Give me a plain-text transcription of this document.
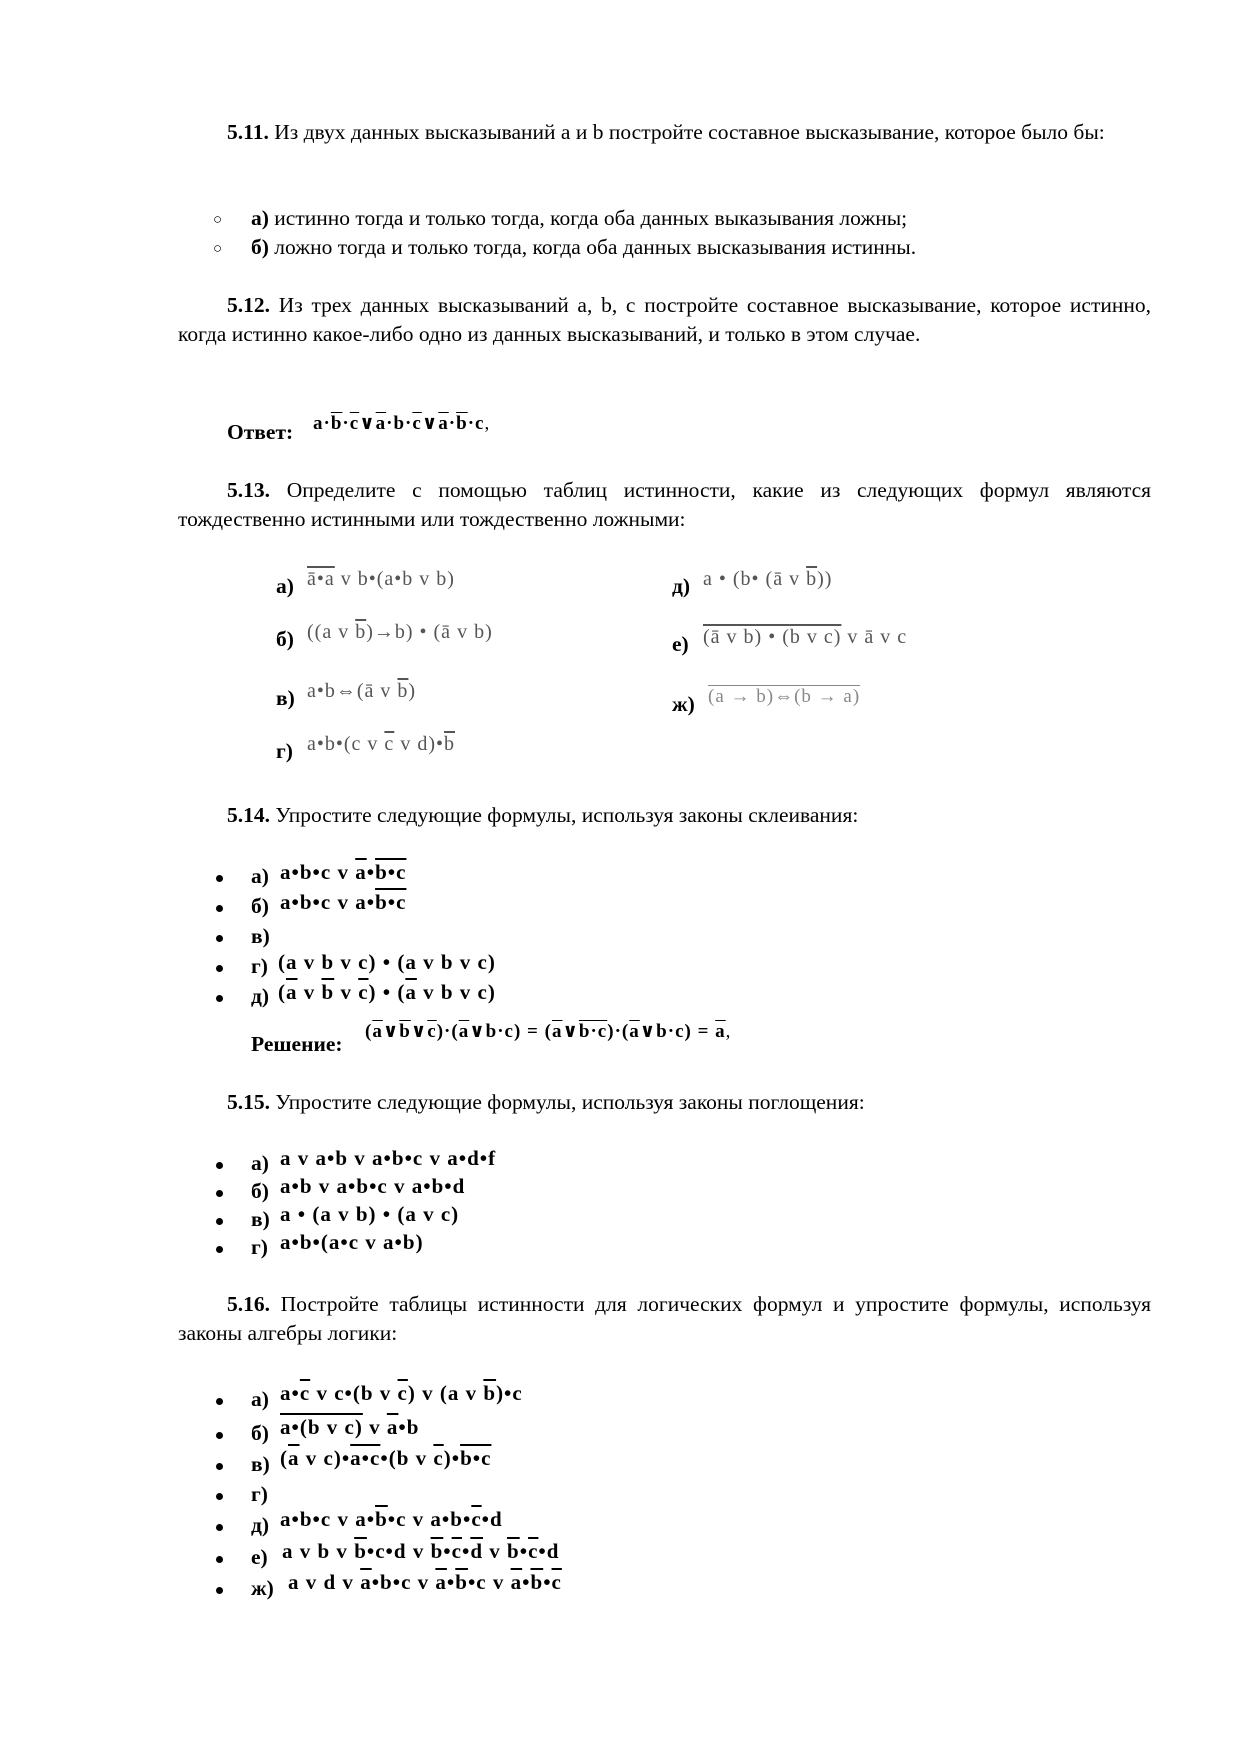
5.11. Из двух данных высказываний a и b постройте составное высказывание, которое было бы:
○ а) истинно тогда и только тогда, когда оба данных выказывания ложны;
○ б) ложно тогда и только тогда, когда оба данных высказывания истинны.
5.12. Из трех данных высказываний a, b, c постройте составное высказывание, которое истинно, когда истинно какое-либо одно из данных высказываний, и только в этом случае.
Ответ: $a\cdot\overline{b}\cdot\overline{c}\vee\overline{a}\cdot b\cdot\overline{c}\vee\overline{a}\cdot\overline{b}\cdot c$,
5.13. Определите с помощью таблиц истинности, какие из следующих формул являются тождественно истинными или тождественно ложными:
а) ā•a v b•(a•b v b)
б) ((a v $\overline{b})\to b$) • (ā v b)
в) a•b⇔(ā v $\overline{b}$)
г) a•b•(c v $\overline{c}$ v $d)•\overline{b}$
д) a • (b• (ā v $\overline{b}$))
е) (ā v b) • (b v c) v ā v c
ж) (a → b)⇔(b → a)
5.14. Упростите следующие формулы, используя законы склеивания:
а) a•b•c v $\overline{a}•b•c$
б) a•b•c v a•b•c
в)
г) (a v b v c) • (a v b v c)
д) ($\overline{a}$ v $\overline{b}$ v $\overline{c}$) • ($\overline{a}$ v b v c)
Решение:
$(\overline{a}\vee\overline{b}\vee\overline{c})\cdot(\overline{a}\vee b\cdot c)$ = $(\overline{a}\vee b\cdot c)\cdot(\overline{a}\vee b\cdot c) = \overline{a}$,
5.15. Упростите следующие формулы, используя законы поглощения:
а) a v a•b v a•b•c v a•d•f
б) a•b v a•b•c v a•b•d
в) a • (a v b) • (a v c)
г) a•b•(a•c v a•b)
5.16. Постройте таблицы истинности для логических формул и упростите формулы, используя законы алгебры логики:
а) $a•\overline{c}$ v c•(b v $\overline{c}$) v (a v $\overline{b})•c$
б) a•(b v c) v $\overline{a}•b$
в) ($\overline{a}$ v c)•a•c•(b v $\overline{c})•b•c$
г)
д) a•b•c v $a•\overline{b}•c$ v $a•b•\overline{c}•d$
е) a v b v $\overline{b}•c•d$ v $\overline{b}•\overline{c}•\overline{d}$ v $\overline{b}•\overline{c}•d$
ж) a v d v $\overline{a}•b•c$ v $\overline{a}•\overline{b}•c$ v $\overline{a}•\overline{b}•\overline{c}$
